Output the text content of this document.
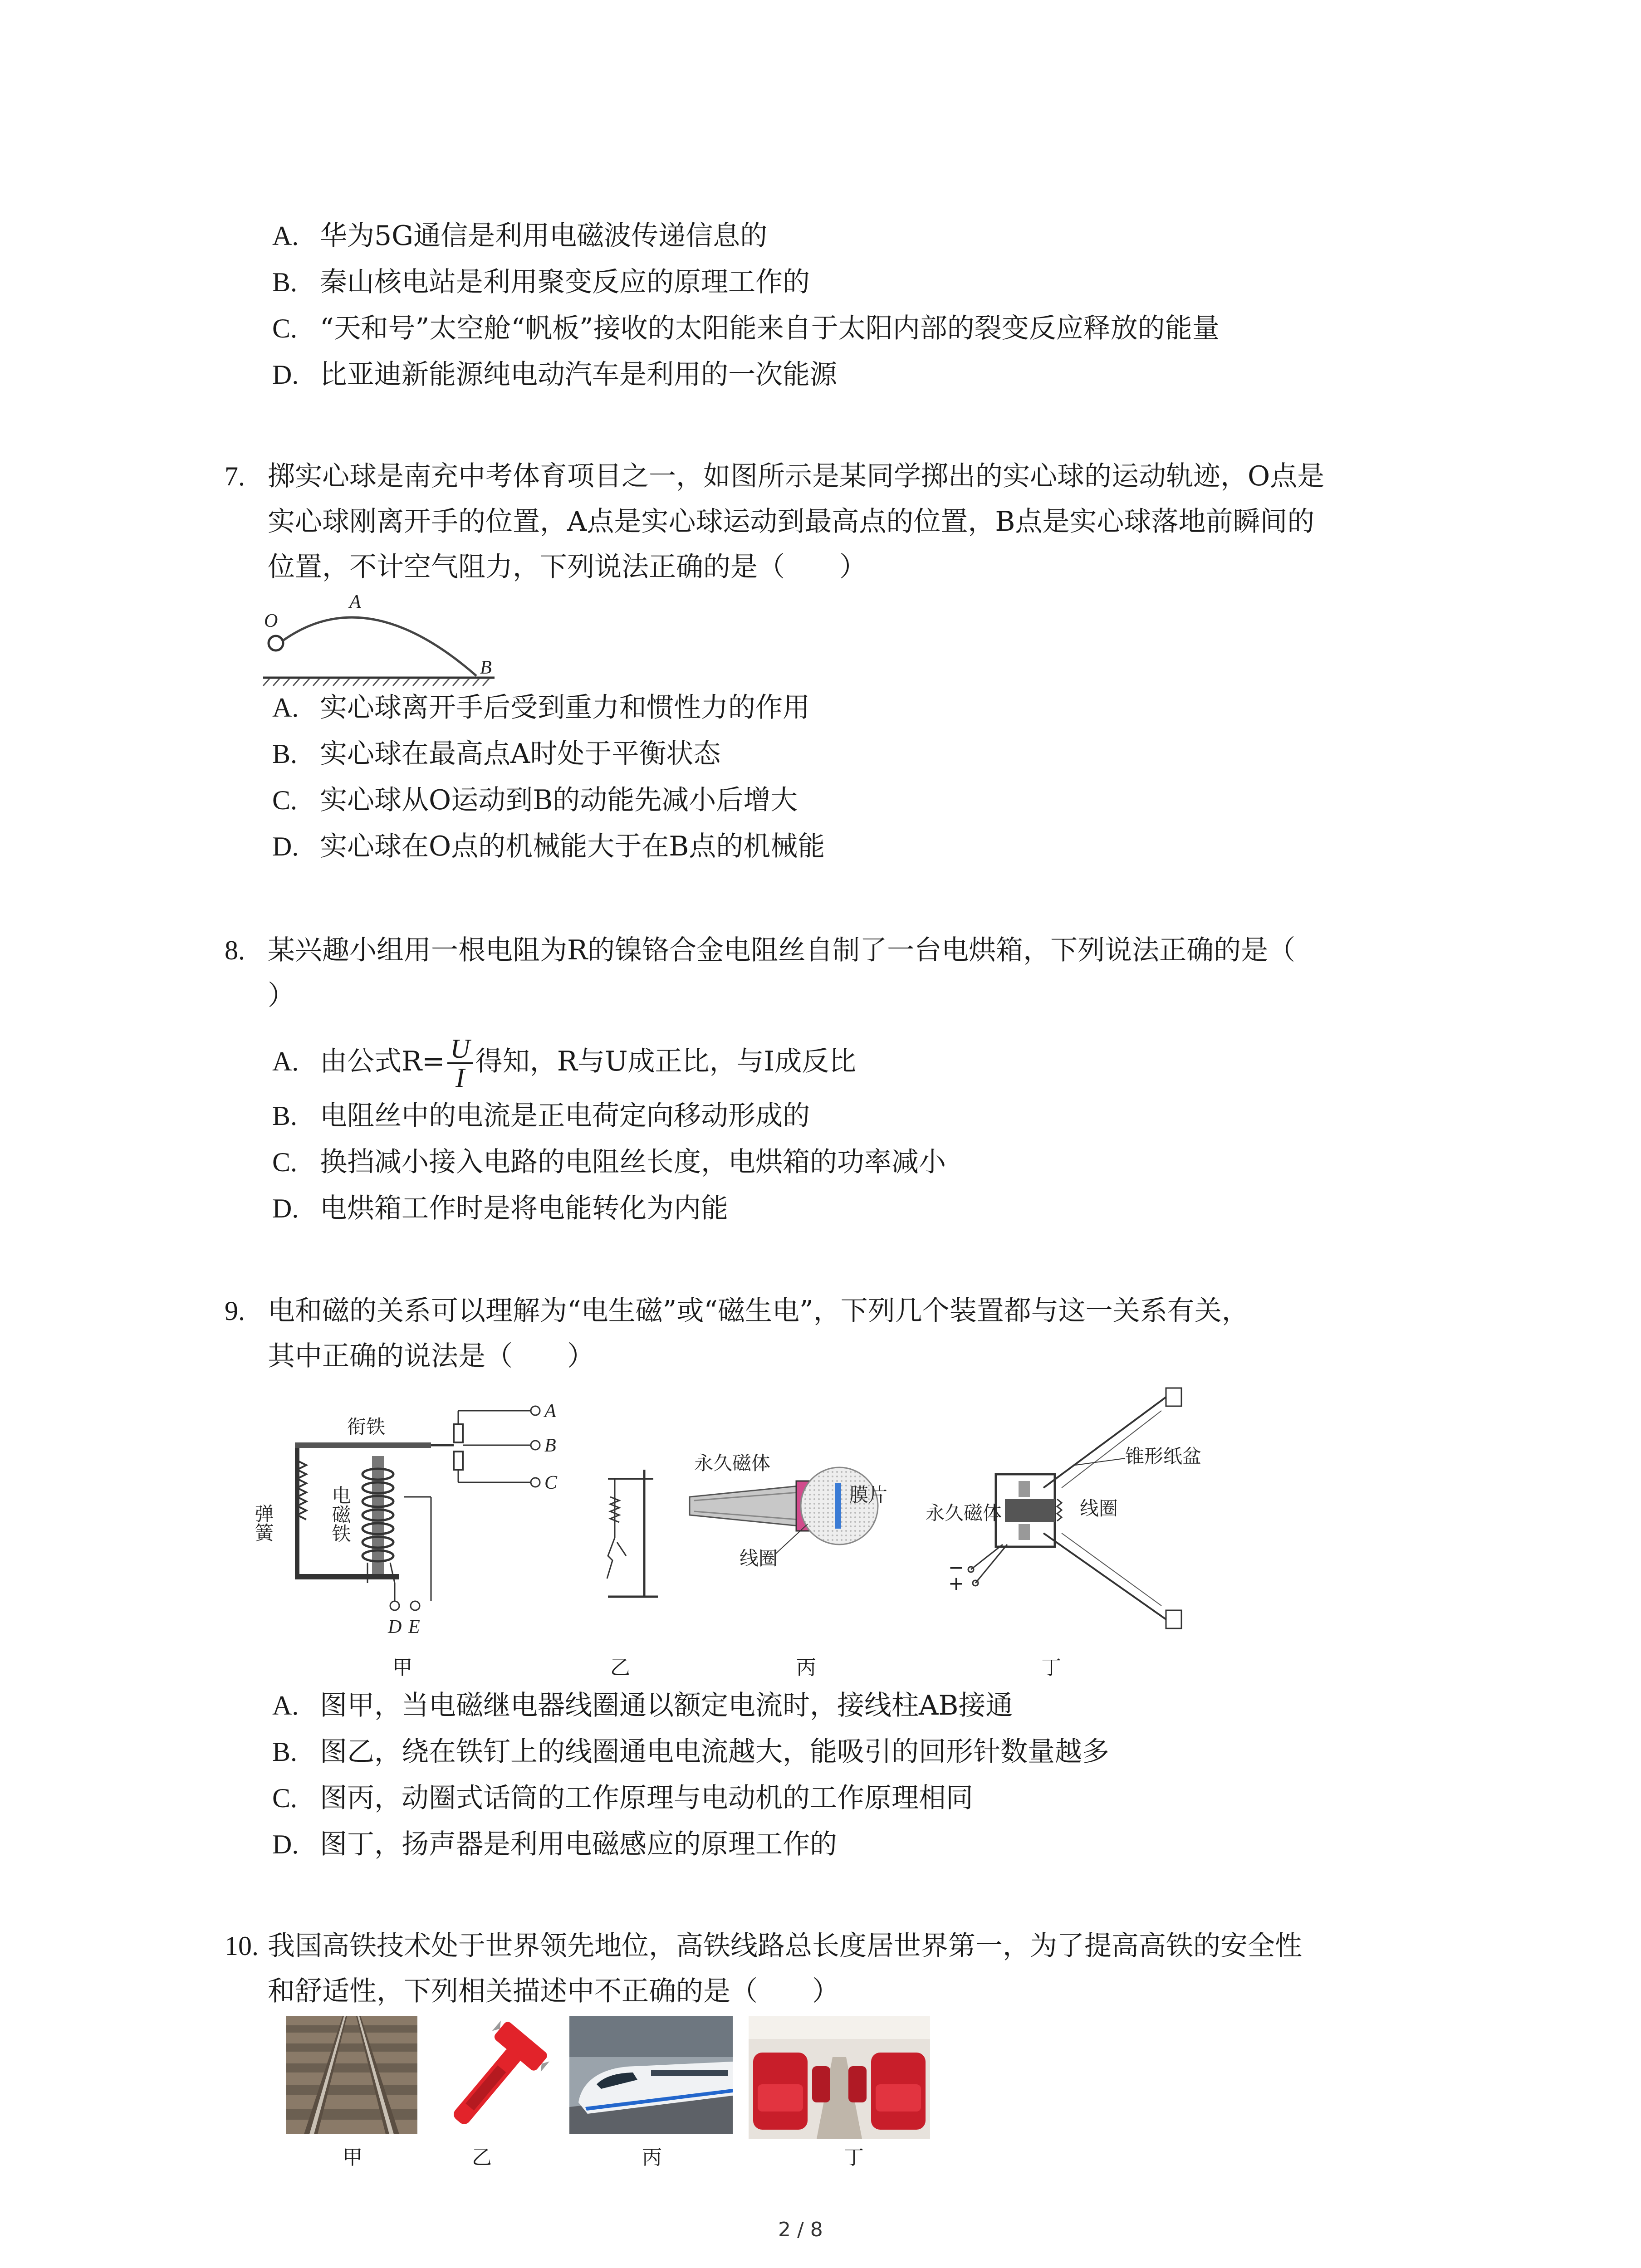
A. 华为5G通信是利用电磁波传递信息的
B. 秦山核电站是利用聚变反应的原理工作的
C. “天和号”太空舱“帆板”接收的太阳能来自于太阳内部的裂变反应释放的能量
D. 比亚迪新能源纯电动汽车是利用的一次能源
7. 掷实心球是南充中考体育项目之一，如图所示是某同学掷出的实心球的运动轨迹，O点是
实心球刚离开手的位置，A点是实心球运动到最高点的位置，B点是实心球落地前瞬间的
位置，不计空气阻力，下列说法正确的是（　　）
O
A
B
A. 实心球离开手后受到重力和惯性力的作用
B. 实心球在最高点A时处于平衡状态
C. 实心球从O运动到B的动能先减小后增大
D. 实心球在O点的机械能大于在B点的机械能
8. 某兴趣小组用一根电阻为R的镍铬合金电阻丝自制了一台电烘箱，下列说法正确的是（
）
A. 由公式$R= \frac{U}{I}$ 得知，R与U成正比，与I成反比
B. 电阻丝中的电流是正电荷定向移动形成的
C. 换挡减小接入电路的电阻丝长度，电烘箱的功率减小
D. 电烘箱工作时是将电能转化为内能
9. 电和磁的关系可以理解为“电生磁”或“磁生电”，下列几个装置都与这一关系有关，
其中正确的说法是（　　）
衔铁
弹簧	电磁铁
A
B
C
D E
永久磁体
膜片
线圈
锥形纸盆
永久磁体	线圈
−
+
甲	乙	丙	丁
A. 图甲，当电磁继电器线圈通以额定电流时，接线柱AB接通
B. 图乙，绕在铁钉上的线圈通电电流越大，能吸引的回形针数量越多
C. 图丙，动圈式话筒的工作原理与电动机的工作原理相同
D. 图丁，扬声器是利用电磁感应的原理工作的
10. 我国高铁技术处于世界领先地位，高铁线路总长度居世界第一，为了提高高铁的安全性
和舒适性，下列相关描述中不正确的是（　　）
甲	乙	丙	丁
2 / 8
